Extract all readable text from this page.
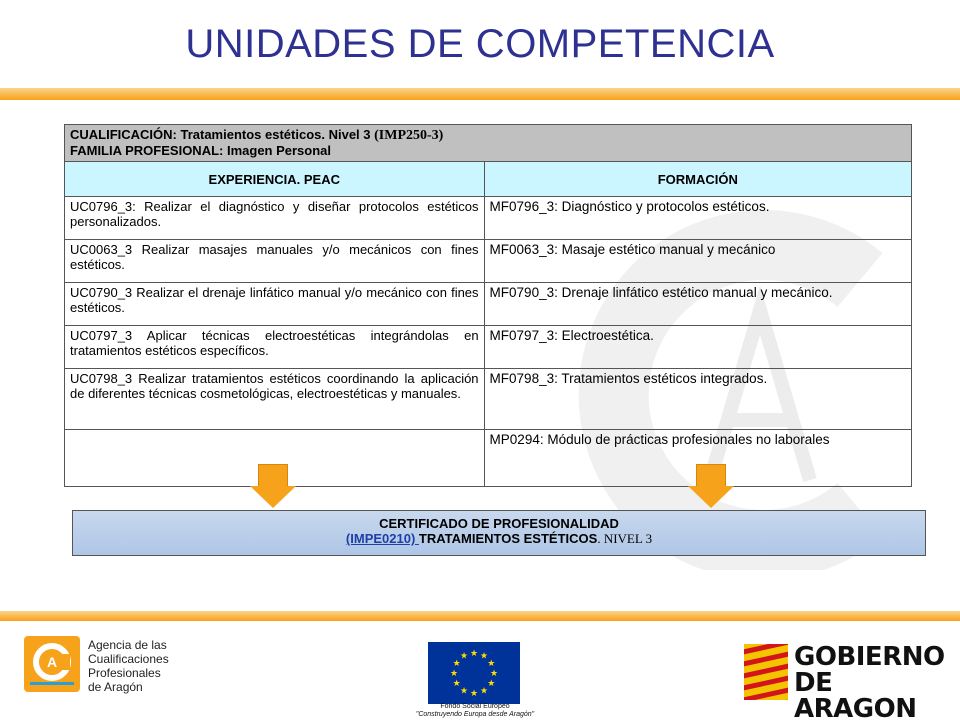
UNIDADES DE COMPETENCIA
CUALIFICACIÓN: Tratamientos estéticos. Nivel 3 (IMP250-3)
FAMILIA PROFESIONAL: Imagen Personal	

EXPERIENCIA. PEAC	FORMACIÓN
UC0796_3: Realizar el diagnóstico y diseñar protocolos estéticos personalizados.	MF0796_3: Diagnóstico y protocolos estéticos.
UC0063_3 Realizar masajes manuales y/o mecánicos con fines estéticos.	MF0063_3: Masaje estético manual y mecánico
UC0790_3 Realizar el drenaje linfático manual y/o mecánico con fines estéticos.	MF0790_3: Drenaje linfático estético manual y mecánico.
UC0797_3 Aplicar técnicas electroestéticas integrándolas en tratamientos estéticos específicos.	MF0797_3: Electroestética.
UC0798_3 Realizar tratamientos estéticos coordinando la aplicación de diferentes técnicas cosmetológicas, electroestéticas y manuales.	MF0798_3: Tratamientos estéticos integrados.
	MP0294: Módulo de prácticas profesionales no laborales
CERTIFICADO DE PROFESIONALIDAD
(IMPE0210) TRATAMIENTOS ESTÉTICOS. NIVEL 3
A
Agencia de las
Cualificaciones
Profesionales
de Aragón
★ ★
★
★
★
★
★
★
★
★
★
★
Fondo Social Europeo
"Construyendo Europa desde Aragón"
GOBIERNO
DE ARAGON
